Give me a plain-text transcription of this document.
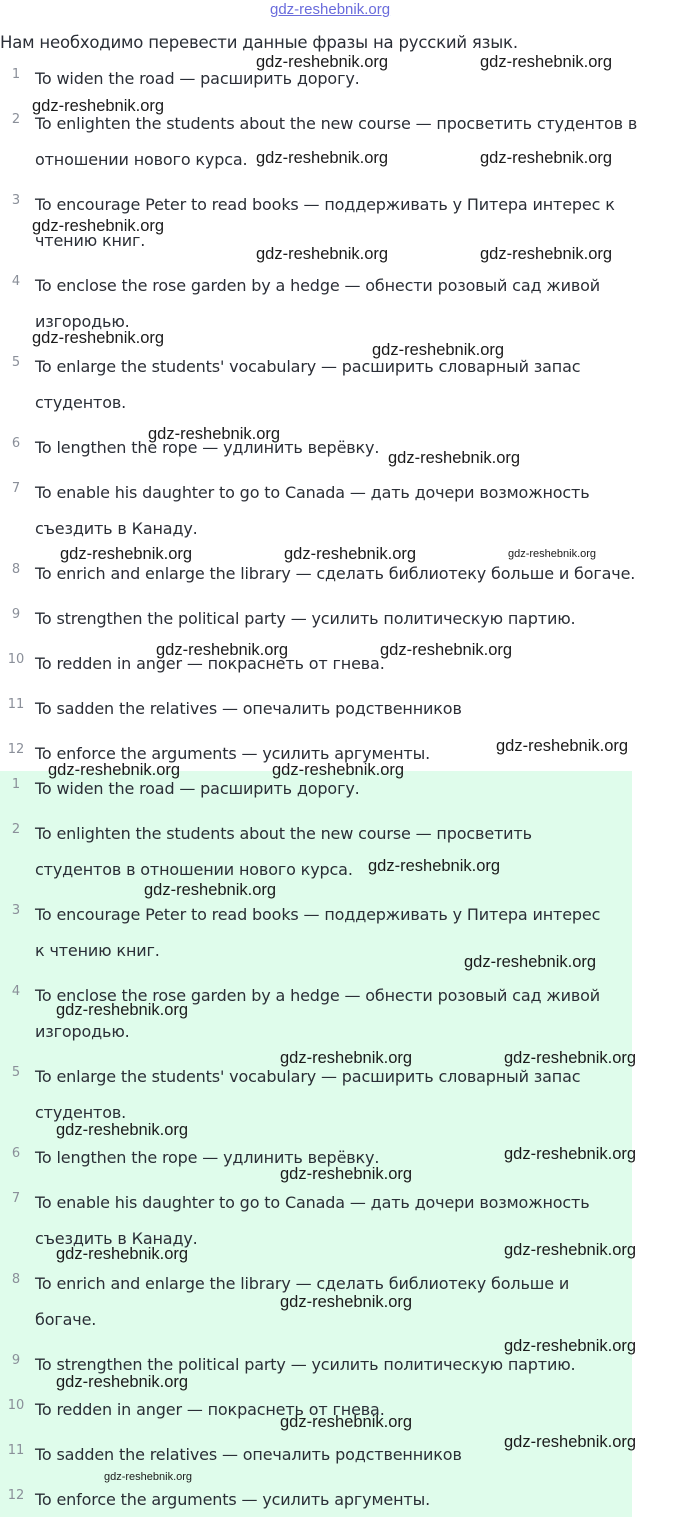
gdz-reshebnik.org
Нам необходимо перевести данные фразы на русский язык.
1 To widen the road — расширить дорогу.
2 To enlighten the students about the new course — просветить студентов в
отношении нового курса.
3 To encourage Peter to read books — поддерживать у Питера интерес к
чтению книг.
4 To enclose the rose garden by a hedge — обнести розовый сад живой
изгородью.
5 To enlarge the students' vocabulary — расширить словарный запас
студентов.
6 To lengthen the rope — удлинить верёвку.
7 To enable his daughter to go to Canada — дать дочери возможность
съездить в Канаду.
8 To enrich and enlarge the library — сделать библиотеку больше и богаче.
9 To strengthen the political party — усилить политическую партию.
10 To redden in anger — покраснеть от гнева.
11 To sadden the relatives — опечалить родственников
12 To enforce the arguments — усилить аргументы.
1 To widen the road — расширить дорогу.
2 To enlighten the students about the new course — просветить
студентов в отношении нового курса.
3 To encourage Peter to read books — поддерживать у Питера интерес
к чтению книг.
4 To enclose the rose garden by a hedge — обнести розовый сад живой
изгородью.
5 To enlarge the students' vocabulary — расширить словарный запас
студентов.
6 To lengthen the rope — удлинить верёвку.
7 To enable his daughter to go to Canada — дать дочери возможность
съездить в Канаду.
8 To enrich and enlarge the library — сделать библиотеку больше и
богаче.
9 To strengthen the political party — усилить политическую партию.
10 To redden in anger — покраснеть от гнева.
11 To sadden the relatives — опечалить родственников
12 To enforce the arguments — усилить аргументы.
gdz-reshebnik.org	gdz-reshebnik.org
gdz-reshebnik.org
gdz-reshebnik.org	gdz-reshebnik.org
gdz-reshebnik.org
gdz-reshebnik.org	gdz-reshebnik.org
gdz-reshebnik.org
gdz-reshebnik.org
gdz-reshebnik.org
gdz-reshebnik.org
gdz-reshebnik.org	gdz-reshebnik.org	gdz-reshebnik.org
gdz-reshebnik.org	gdz-reshebnik.org
gdz-reshebnik.org
gdz-reshebnik.org	gdz-reshebnik.org
gdz-reshebnik.org
gdz-reshebnik.org
gdz-reshebnik.org
gdz-reshebnik.org
gdz-reshebnik.org	gdz-reshebnik.org
gdz-reshebnik.org
gdz-reshebnik.org
gdz-reshebnik.org
gdz-reshebnik.org	gdz-reshebnik.org
gdz-reshebnik.org
gdz-reshebnik.org
gdz-reshebnik.org
gdz-reshebnik.org
gdz-reshebnik.org
gdz-reshebnik.org
